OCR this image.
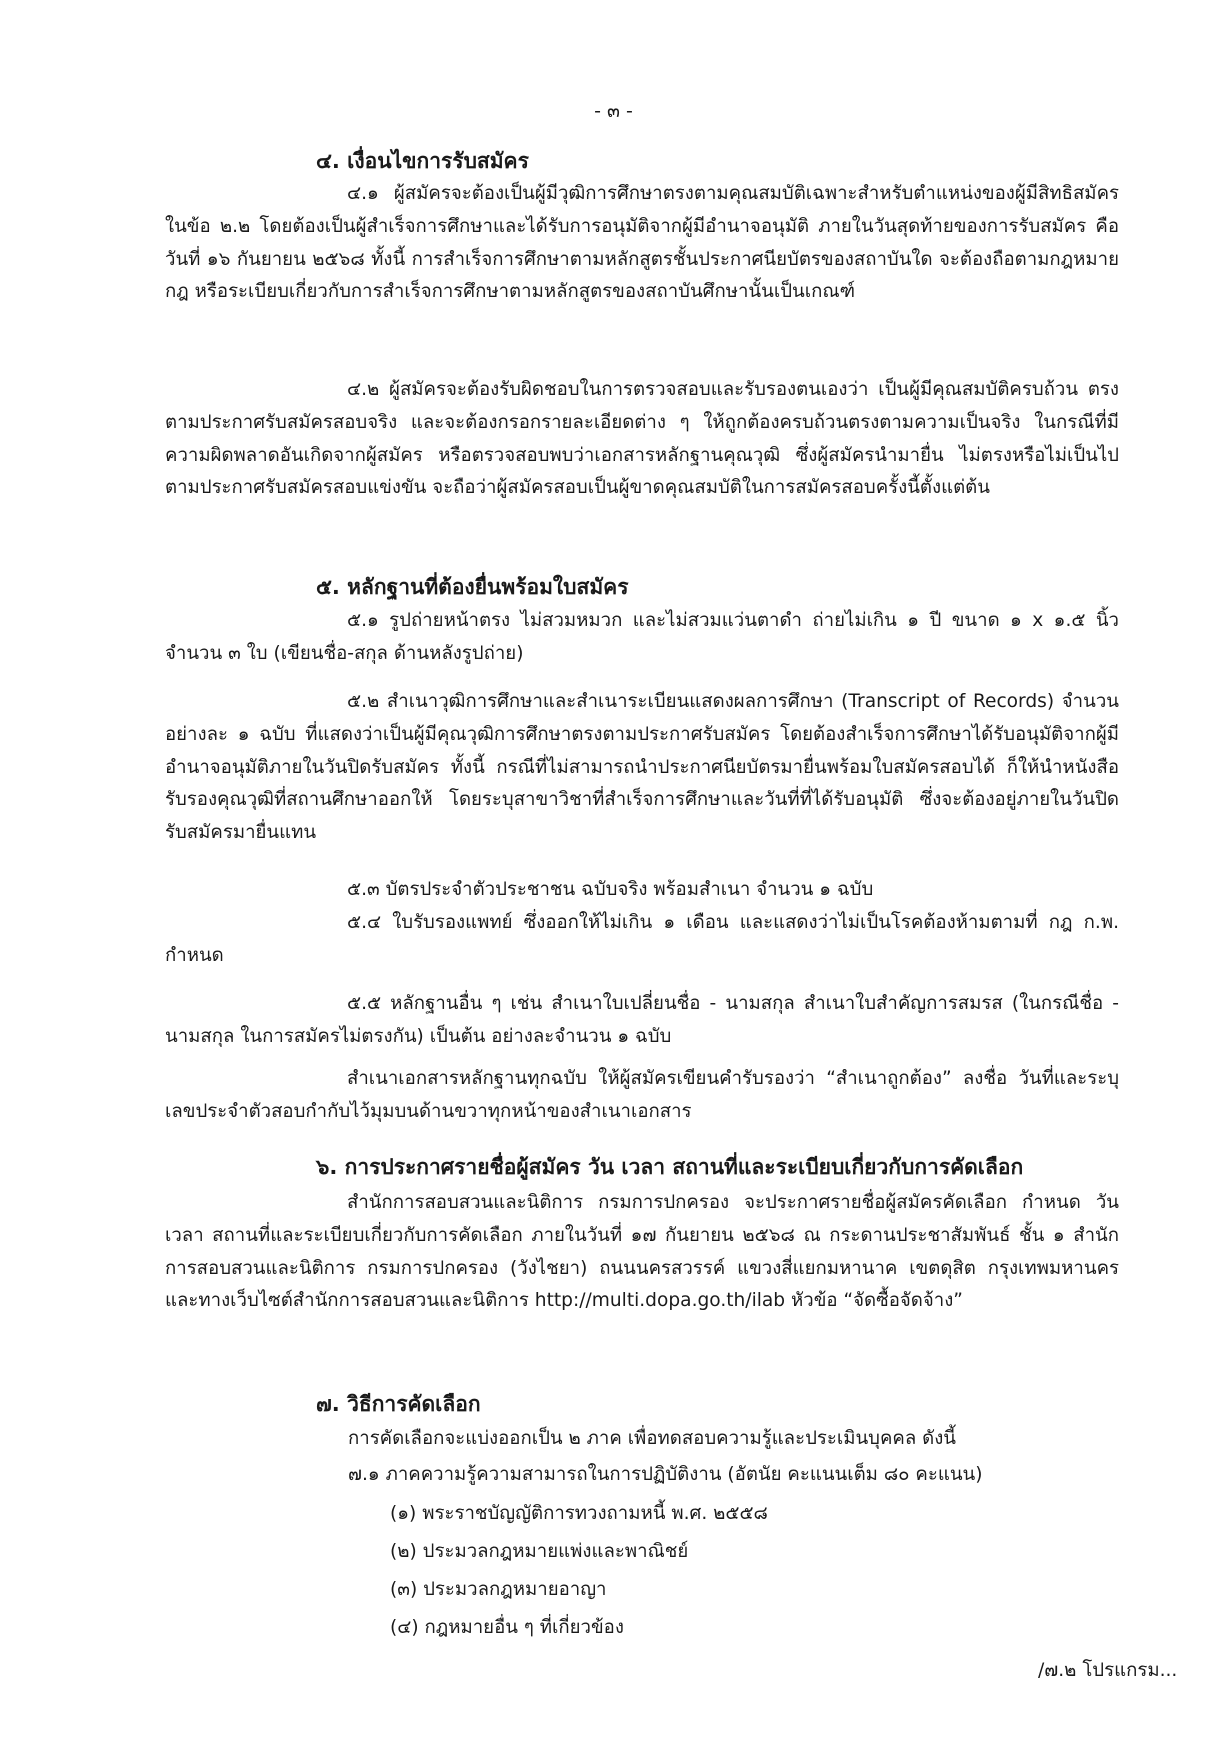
- ๓ -
๔. เงื่อนไขการรับสมัคร
๔.๑ ผู้สมัครจะต้องเป็นผู้มีวุฒิการศึกษาตรงตามคุณสมบัติเฉพาะสำหรับตำแหน่งของผู้มีสิทธิสมัครในข้อ ๒.๒ โดยต้องเป็นผู้สำเร็จการศึกษาและได้รับการอนุมัติจากผู้มีอำนาจอนุมัติ ภายในวันสุดท้ายของการรับสมัคร คือ วันที่ ๑๖ กันยายน ๒๕๖๘ ทั้งนี้ การสำเร็จการศึกษาตามหลักสูตรชั้นประกาศนียบัตรของสถาบันใด จะต้องถือตามกฎหมาย กฎ หรือระเบียบเกี่ยวกับการสำเร็จการศึกษาตามหลักสูตรของสถาบันศึกษานั้นเป็นเกณฑ์
๔.๒ ผู้สมัครจะต้องรับผิดชอบในการตรวจสอบและรับรองตนเองว่า เป็นผู้มีคุณสมบัติครบถ้วน ตรงตามประกาศรับสมัครสอบจริง และจะต้องกรอกรายละเอียดต่าง ๆ ให้ถูกต้องครบถ้วนตรงตามความเป็นจริง ในกรณีที่มีความผิดพลาดอันเกิดจากผู้สมัคร หรือตรวจสอบพบว่าเอกสารหลักฐานคุณวุฒิ ซึ่งผู้สมัครนำมายื่น ไม่ตรงหรือไม่เป็นไปตามประกาศรับสมัครสอบแข่งขัน จะถือว่าผู้สมัครสอบเป็นผู้ขาดคุณสมบัติในการสมัครสอบครั้งนี้ตั้งแต่ต้น
๕. หลักฐานที่ต้องยื่นพร้อมใบสมัคร
๕.๑ รูปถ่ายหน้าตรง ไม่สวมหมวก และไม่สวมแว่นตาดำ ถ่ายไม่เกิน ๑ ปี ขนาด ๑ x ๑.๕ นิ้ว จำนวน ๓ ใบ (เขียนชื่อ-สกุล ด้านหลังรูปถ่าย)
๕.๒ สำเนาวุฒิการศึกษาและสำเนาระเบียนแสดงผลการศึกษา (Transcript of Records) จำนวนอย่างละ ๑ ฉบับ ที่แสดงว่าเป็นผู้มีคุณวุฒิการศึกษาตรงตามประกาศรับสมัคร โดยต้องสำเร็จการศึกษาได้รับอนุมัติจากผู้มีอำนาจอนุมัติภายในวันปิดรับสมัคร ทั้งนี้ กรณีที่ไม่สามารถนำประกาศนียบัตรมายื่นพร้อมใบสมัครสอบได้ ก็ให้นำหนังสือรับรองคุณวุฒิที่สถานศึกษาออกให้ โดยระบุสาขาวิชาที่สำเร็จการศึกษาและวันที่ที่ได้รับอนุมัติ ซึ่งจะต้องอยู่ภายในวันปิดรับสมัครมายื่นแทน
๕.๓ บัตรประจำตัวประชาชน ฉบับจริง พร้อมสำเนา จำนวน ๑ ฉบับ
๕.๔ ใบรับรองแพทย์ ซึ่งออกให้ไม่เกิน ๑ เดือน และแสดงว่าไม่เป็นโรคต้องห้ามตามที่ กฎ ก.พ. กำหนด
๕.๕ หลักฐานอื่น ๆ เช่น สำเนาใบเปลี่ยนชื่อ - นามสกุล สำเนาใบสำคัญการสมรส (ในกรณีชื่อ - นามสกุล ในการสมัครไม่ตรงกัน) เป็นต้น อย่างละจำนวน ๑ ฉบับ
สำเนาเอกสารหลักฐานทุกฉบับ ให้ผู้สมัครเขียนคำรับรองว่า “สำเนาถูกต้อง” ลงชื่อ วันที่และระบุเลขประจำตัวสอบกำกับไว้มุมบนด้านขวาทุกหน้าของสำเนาเอกสาร
๖. การประกาศรายชื่อผู้สมัคร วัน เวลา สถานที่และระเบียบเกี่ยวกับการคัดเลือก
สำนักการสอบสวนและนิติการ กรมการปกครอง จะประกาศรายชื่อผู้สมัครคัดเลือก กำหนด วัน เวลา สถานที่และระเบียบเกี่ยวกับการคัดเลือก ภายในวันที่ ๑๗ กันยายน ๒๕๖๘ ณ กระดานประชาสัมพันธ์ ชั้น ๑ สำนักการสอบสวนและนิติการ กรมการปกครอง (วังไชยา) ถนนนครสวรรค์ แขวงสี่แยกมหานาค เขตดุสิต กรุงเทพมหานคร และทางเว็บไซต์สำนักการสอบสวนและนิติการ http://multi.dopa.go.th/ilab หัวข้อ “จัดซื้อจัดจ้าง”
๗. วิธีการคัดเลือก
การคัดเลือกจะแบ่งออกเป็น ๒ ภาค เพื่อทดสอบความรู้และประเมินบุคคล ดังนี้
๗.๑ ภาคความรู้ความสามารถในการปฏิบัติงาน (อัตนัย คะแนนเต็ม ๘๐ คะแนน)
(๑) พระราชบัญญัติการทวงถามหนี้ พ.ศ. ๒๕๕๘
(๒) ประมวลกฎหมายแพ่งและพาณิชย์
(๓) ประมวลกฎหมายอาญา
(๔) กฎหมายอื่น ๆ ที่เกี่ยวข้อง
/๗.๒ โปรแกรม...
